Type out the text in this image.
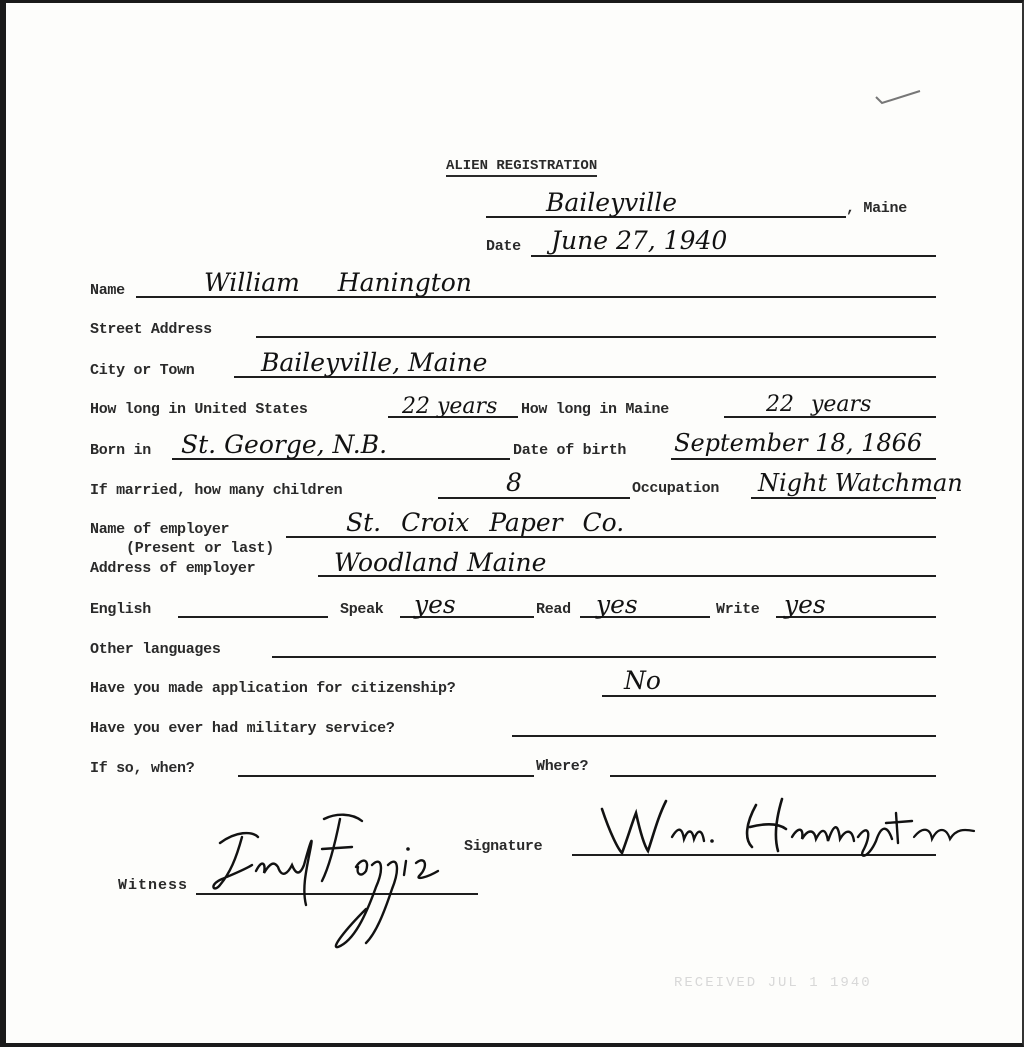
ALIEN REGISTRATION
Baileyville	, Maine
Date June 27, 1940
Name	William Hanington
Street Address
City or Town	Baileyville, Maine
How long in United States	22 years How long in Maine	22 years
Born in St. George, N.B.	Date of birth September 18, 1866
If married, how many children	8	Occupation Night Watchman
Name of employer	St. Croix Paper Co.
(Present or last)
Address of employer	Woodland Maine
English	Speak yes	Read yes	Write yes
Other languages
Have you made application for citizenship?	No
Have you ever had military service?
If so, when?	Where?
Signature
Witness
RECEIVED JUL 1 1940
